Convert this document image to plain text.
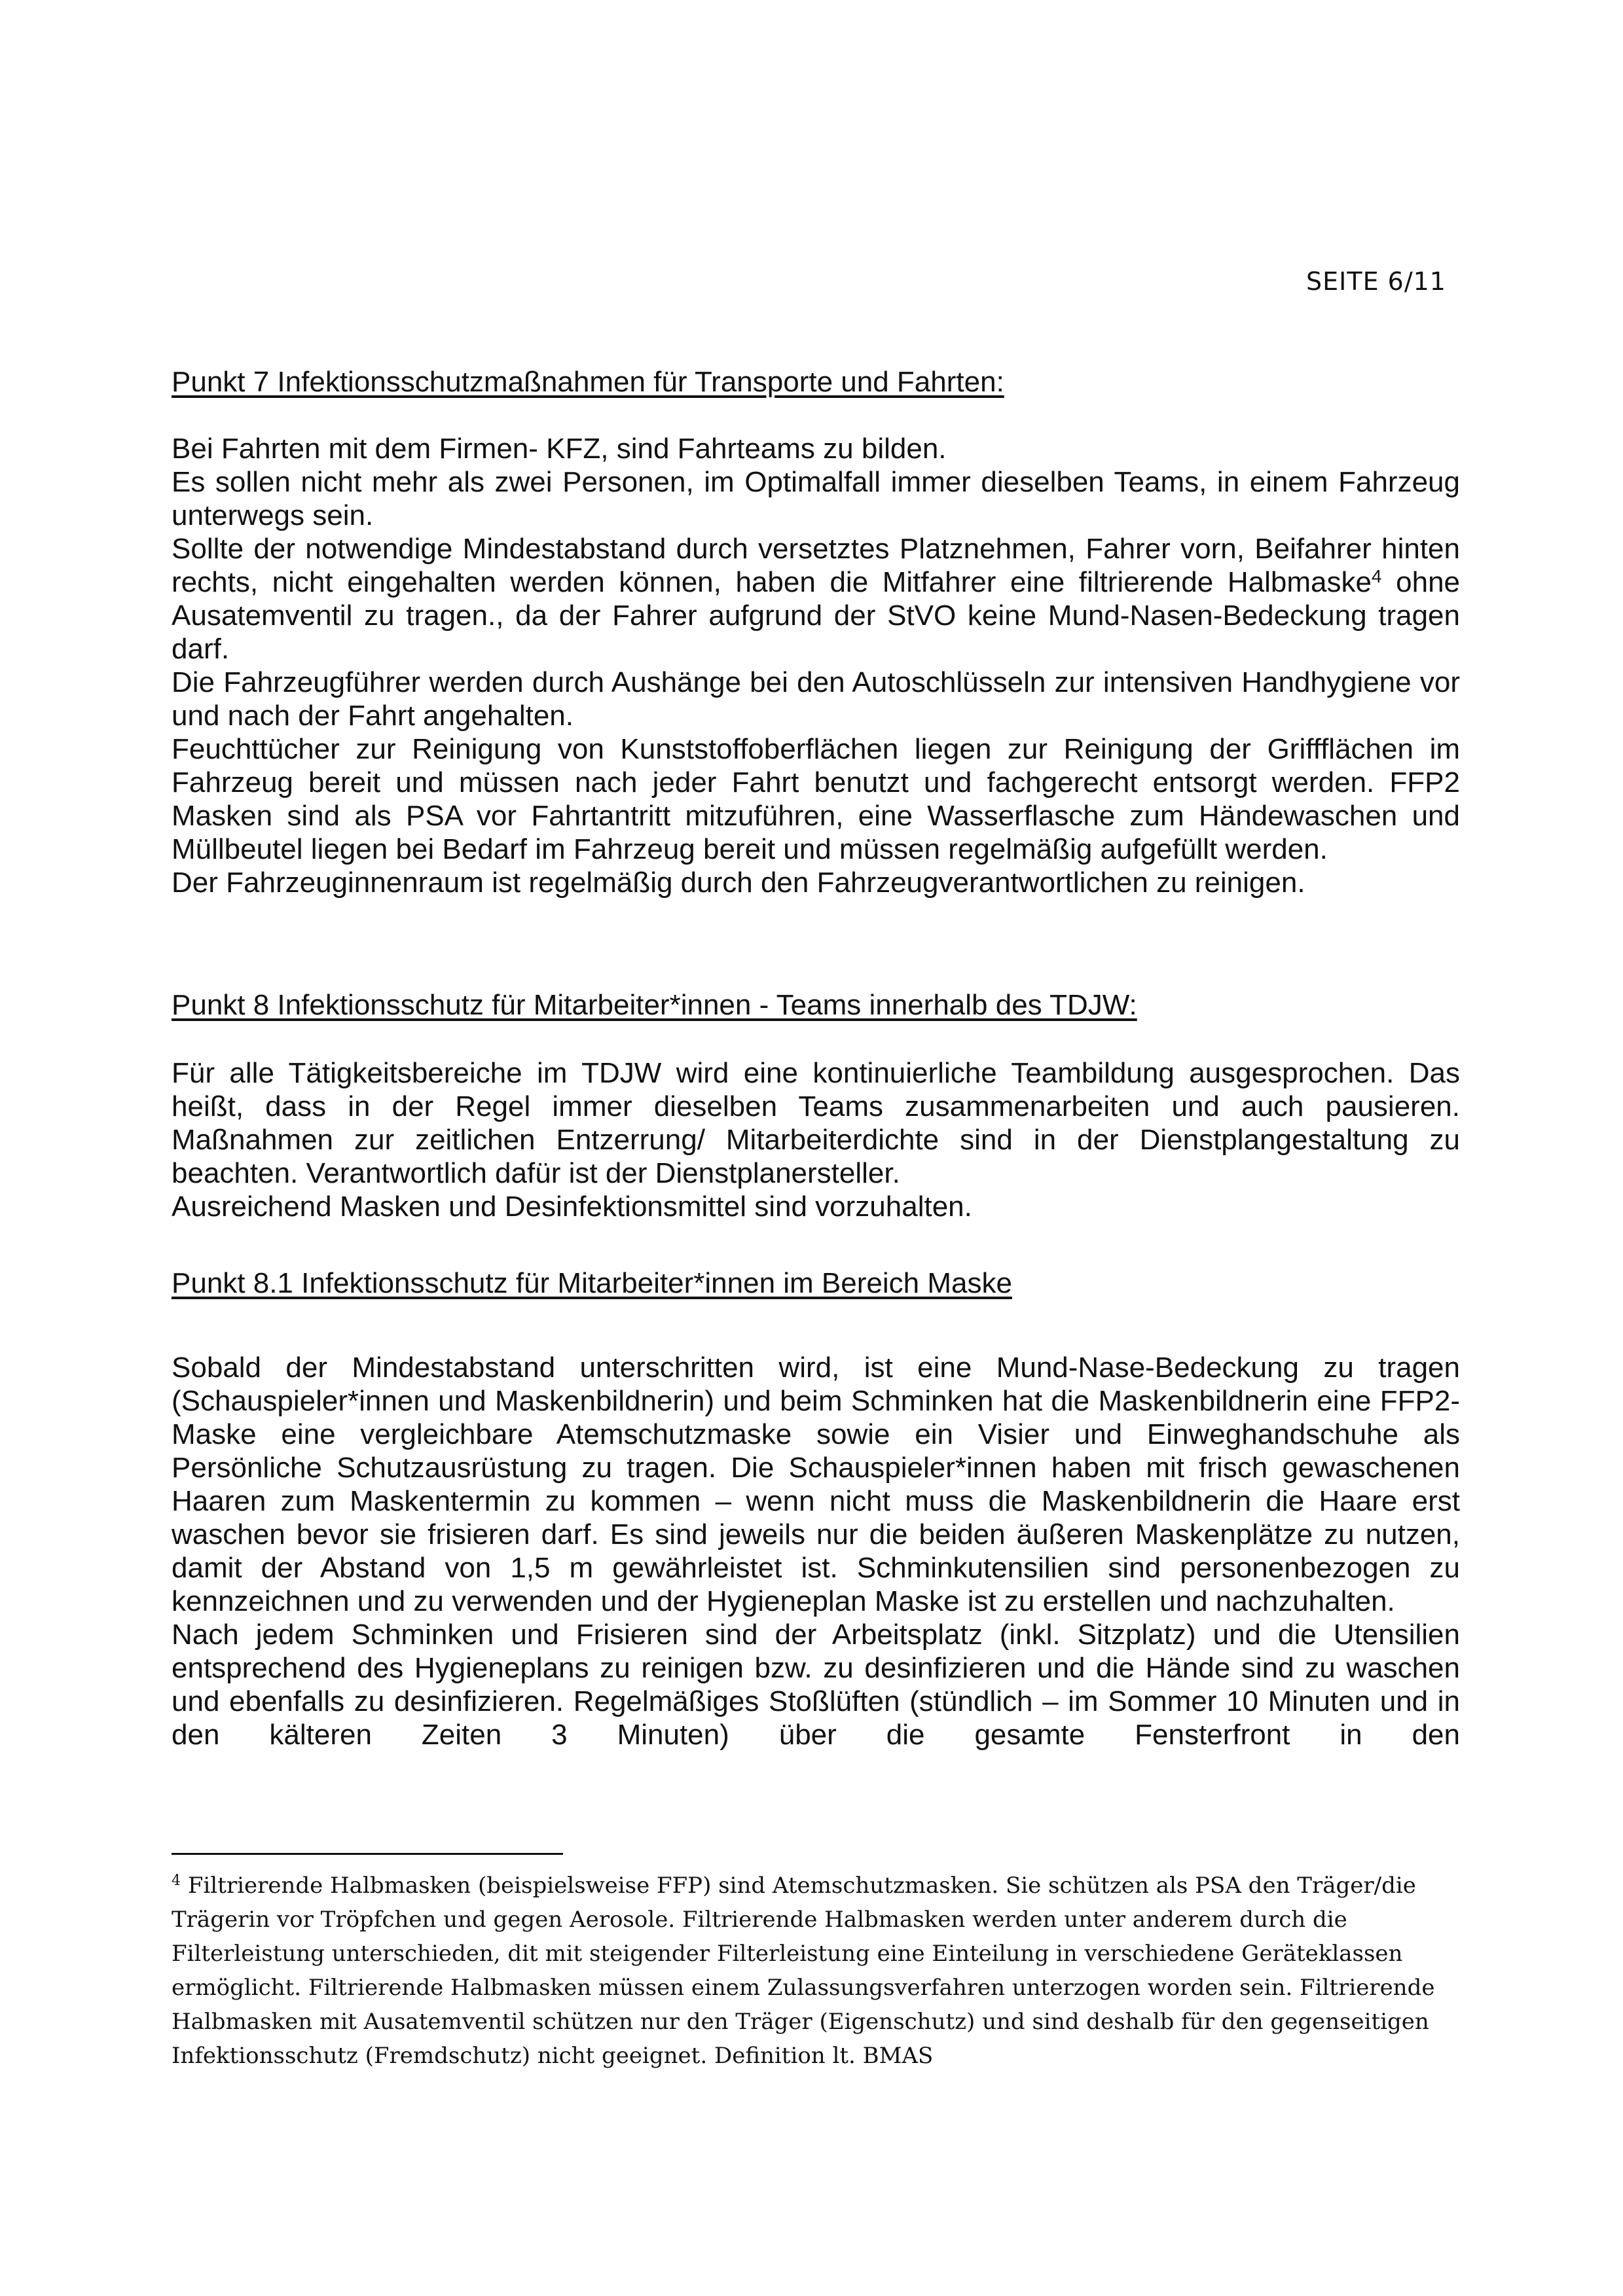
SEITE 6/11

Punkt 7 Infektionsschutzmaßnahmen für Transporte und Fahrten:

Bei Fahrten mit dem Firmen- KFZ, sind Fahrteams zu bilden.

Es sollen nicht mehr als zwei Personen, im Optimalfall immer dieselben Teams, in einem Fahrzeug unterwegs sein.

Sollte der notwendige Mindestabstand durch versetztes Platznehmen, Fahrer vorn, Beifahrer hinten rechts, nicht eingehalten werden können, haben die Mitfahrer eine filtrierende Halbmaske$^4$ ohne Ausatemventil zu tragen., da der Fahrer aufgrund der StVO keine Mund-Nasen-Bedeckung tragen darf.

Die Fahrzeugführer werden durch Aushänge bei den Autoschlüsseln zur intensiven Handhygiene vor und nach der Fahrt angehalten.

Feuchttücher zur Reinigung von Kunststoffoberflächen liegen zur Reinigung der Griffflächen im Fahrzeug bereit und müssen nach jeder Fahrt benutzt und fachgerecht entsorgt werden. FFP2 Masken sind als PSA vor Fahrtantritt mitzuführen, eine Wasserflasche zum Händewaschen und Müllbeutel liegen bei Bedarf im Fahrzeug bereit und müssen regelmäßig aufgefüllt werden.

Der Fahrzeuginnenraum ist regelmäßig durch den Fahrzeugverantwortlichen zu reinigen.

Punkt 8 Infektionsschutz für Mitarbeiter*innen - Teams innerhalb des TDJW:

Für alle Tätigkeitsbereiche im TDJW wird eine kontinuierliche Teambildung ausgesprochen. Das heißt, dass in der Regel immer dieselben Teams zusammenarbeiten und auch pausieren. Maßnahmen zur zeitlichen Entzerrung/ Mitarbeiterdichte sind in der Dienstplangestaltung zu beachten. Verantwortlich dafür ist der Dienstplanersteller.

Ausreichend Masken und Desinfektionsmittel sind vorzuhalten.

Punkt 8.1 Infektionsschutz für Mitarbeiter*innen im Bereich Maske

Sobald der Mindestabstand unterschritten wird, ist eine Mund-Nase-Bedeckung zu tragen (Schauspieler*innen und Maskenbildnerin) und beim Schminken hat die Maskenbildnerin eine FFP2-Maske eine vergleichbare Atemschutzmaske sowie ein Visier und Einweghandschuhe als Persönliche Schutzausrüstung zu tragen. Die Schauspieler*innen haben mit frisch gewaschenen Haaren zum Maskentermin zu kommen – wenn nicht muss die Maskenbildnerin die Haare erst waschen bevor sie frisieren darf. Es sind jeweils nur die beiden äußeren Maskenplätze zu nutzen, damit der Abstand von 1,5 m gewährleistet ist. Schminkutensilien sind personenbezogen zu kennzeichnen und zu verwenden und der Hygieneplan Maske ist zu erstellen und nachzuhalten.

Nach jedem Schminken und Frisieren sind der Arbeitsplatz (inkl. Sitzplatz) und die Utensilien entsprechend des Hygieneplans zu reinigen bzw. zu desinfizieren und die Hände sind zu waschen und ebenfalls zu desinfizieren. Regelmäßiges Stoßlüften (stündlich – im Sommer 10 Minuten und in den kälteren Zeiten 3 Minuten) über die gesamte Fensterfront in den

$^4$ Filtrierende Halbmasken (beispielsweise FFP) sind Atemschutzmasken. Sie schützen als PSA den Träger/die Trägerin vor Tröpfchen und gegen Aerosole. Filtrierende Halbmasken werden unter anderem durch die Filterleistung unterschieden, dit mit steigender Filterleistung eine Einteilung in verschiedene Geräteklassen ermöglicht. Filtrierende Halbmasken müssen einem Zulassungsverfahren unterzogen worden sein. Filtrierende Halbmasken mit Ausatemventil schützen nur den Träger (Eigenschutz) und sind deshalb für den gegenseitigen Infektionsschutz (Fremdschutz) nicht geeignet. Definition lt. BMAS
